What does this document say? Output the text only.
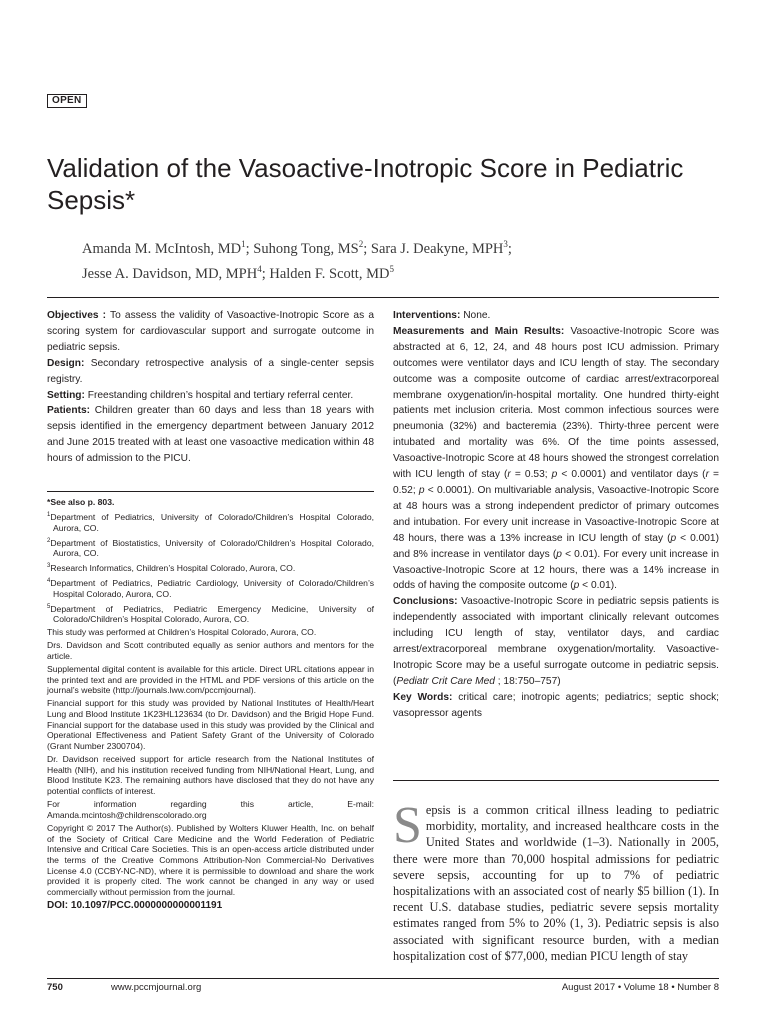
OPEN
Validation of the Vasoactive-Inotropic Score in Pediatric Sepsis*
Amanda M. McIntosh, $MD^1$; Suhong Tong, $MS^2$; Sara J. Deakyne, MPH$^3$;
Jesse A. Davidson, MD, MPH$^4$; Halden F. Scott, $MD^5$

Objectives : To assess the validity of Vasoactive-Inotropic Score as a scoring system for cardiovascular support and surrogate outcome in pediatric sepsis.

Design: Secondary retrospective analysis of a single-center sepsis registry.

Setting: Freestanding children’s hospital and tertiary referral center.

Patients: Children greater than 60 days and less than 18 years with sepsis identified in the emergency department between January 2012 and June 2015 treated with at least one vasoactive medication within 48 hours of admission to the PICU.

Interventions: None.

Measurements and Main Results: Vasoactive-Inotropic Score was abstracted at 6, 12, 24, and 48 hours post ICU admission. Primary outcomes were ventilator days and ICU length of stay. The secondary outcome was a composite outcome of cardiac arrest/extracorporeal membrane oxygenation/in-hospital mortality. One hundred thirty-eight patients met inclusion criteria. Most common infectious sources were pneumonia (32%) and bacteremia (23%). Thirty-three percent were intubated and mortality was 6%. Of the time points assessed, Vasoactive-Inotropic Score at 48 hours showed the strongest correlation with ICU length of stay (r = 0.53; p < 0.0001) and ventilator days (r = 0.52; p < 0.0001). On multivariable analysis, Vasoactive-Inotropic Score at 48 hours was a strong independent predictor of primary outcomes and intubation. For every unit increase in Vasoactive-Inotropic Score at 48 hours, there was a 13% increase in ICU length of stay (p < 0.001) and 8% increase in ventilator days (p < 0.01). For every unit increase in Vasoactive-Inotropic Score at 12 hours, there was a 14% increase in odds of having the composite outcome (p < 0.01).

Conclusions: Vasoactive-Inotropic Score in pediatric sepsis patients is independently associated with important clinically relevant outcomes including ICU length of stay, ventilator days, and cardiac arrest/extracorporeal membrane oxygenation/mortality. Vasoactive-Inotropic Score may be a useful surrogate outcome in pediatric sepsis. (Pediatr Crit Care Med ; 18:750–757)

Key Words: critical care; inotropic agents; pediatrics; septic shock; vasopressor agents

*See also p. 803.

$^1$Department of Pediatrics, University of Colorado/Children’s Hospital Colorado, Aurora, CO.

$^2$Department of Biostatistics, University of Colorado/Children’s Hospital Colorado, Aurora, CO.

$^3$Research Informatics, Children’s Hospital Colorado, Aurora, CO.

$^4$Department of Pediatrics, Pediatric Cardiology, University of Colorado/Children’s Hospital Colorado, Aurora, CO.

$^5$Department of Pediatrics, Pediatric Emergency Medicine, University of Colorado/Children’s Hospital Colorado, Aurora, CO.

This study was performed at Children’s Hospital Colorado, Aurora, CO.

Drs. Davidson and Scott contributed equally as senior authors and mentors for the article.

Supplemental digital content is available for this article. Direct URL citations appear in the printed text and are provided in the HTML and PDF versions of this article on the journal’s website (http://journals.lww.com/pccmjournal).

Financial support for this study was provided by National Institutes of Health/Heart Lung and Blood Institute 1K23HL123634 (to Dr. Davidson) and the Brigid Hope Fund. Financial support for the database used in this study was provided by the Clinical and Operational Effectiveness and Patient Safety Grant of the University of Colorado (Grant Number 2300704).

Dr. Davidson received support for article research from the National Institutes of Health (NIH), and his institution received funding from NIH/National Heart, Lung, and Blood Institute K23. The remaining authors have disclosed that they do not have any potential conflicts of interest.

For information regarding this article, E-mail: Amanda.mcintosh@childrenscolorado.org

Copyright © 2017 The Author(s). Published by Wolters Kluwer Health, Inc. on behalf of the Society of Critical Care Medicine and the World Federation of Pediatric Intensive and Critical Care Societies. This is an open-access article distributed under the terms of the Creative Commons Attribution-Non Commercial-No Derivatives License 4.0 (CCBY-NC-ND), where it is permissible to download and share the work provided it is properly cited. The work cannot be changed in any way or used commercially without permission from the journal.

DOI: 10.1097/PCC.0000000000001191

S epsis is a common critical illness leading to pediatric morbidity, mortality, and increased healthcare costs in the United States and worldwide (1–3). Nationally in 2005, there were more than 70,000 hospital admissions for pediatric severe sepsis, accounting for up to 7% of pediatric hospitalizations with an associated cost of nearly $5 billion (1). In recent U.S. database studies, pediatric severe sepsis mortality estimates ranged from 5% to 20% (1, 3). Pediatric sepsis is also associated with significant resource burden, with a median hospitalization cost of $77,000, median PICU length of stay
750	www.pccmjournal.org	August 2017 • Volume 18 • Number 8
